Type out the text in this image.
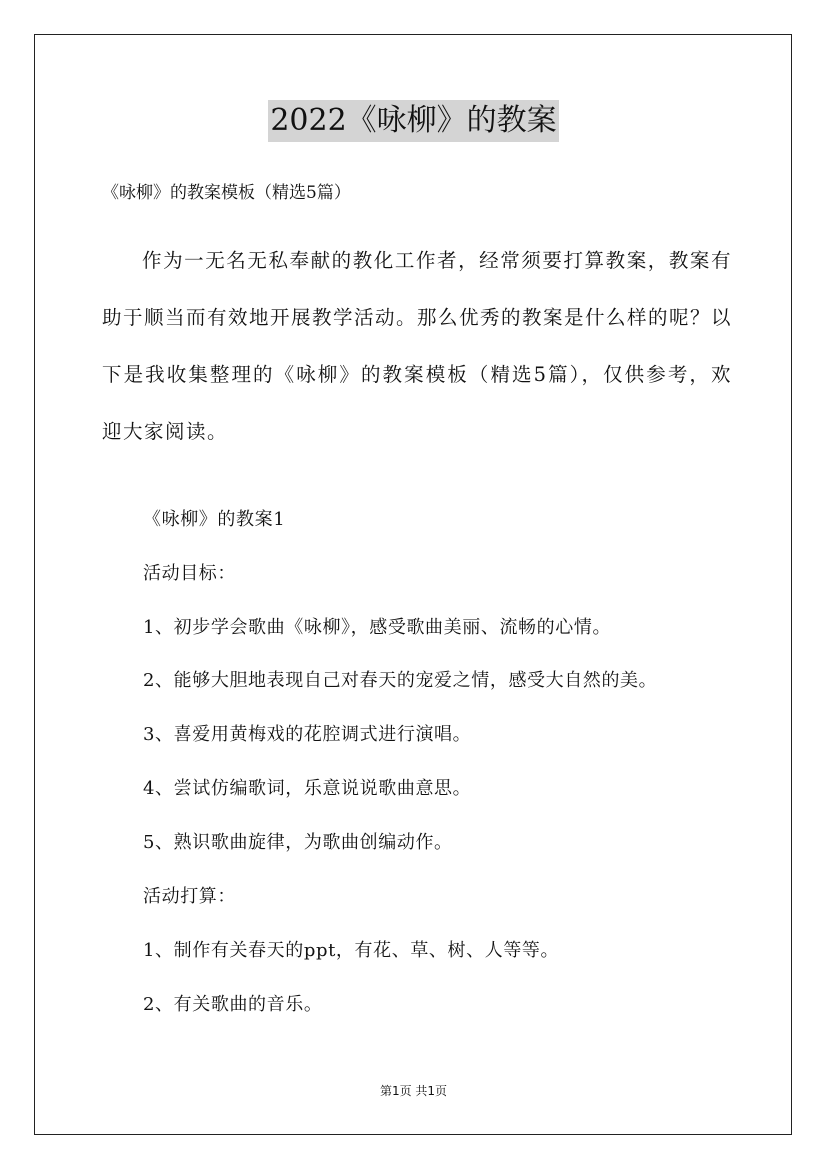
2022《咏柳》的教案
《咏柳》的教案模板（精选5篇）

作为一无名无私奉献的教化工作者，经常须要打算教案，教案有助于顺当而有效地开展教学活动。那么优秀的教案是什么样的呢？以下是我收集整理的《咏柳》的教案模板（精选5篇），仅供参考，欢迎大家阅读。

《咏柳》的教案1
活动目标：
1、初步学会歌曲《咏柳》，感受歌曲美丽、流畅的心情。
2、能够大胆地表现自己对春天的宠爱之情，感受大自然的美。
3、喜爱用黄梅戏的花腔调式进行演唱。
4、尝试仿编歌词，乐意说说歌曲意思。
5、熟识歌曲旋律，为歌曲创编动作。
活动打算：
1、制作有关春天的ppt，有花、草、树、人等等。
2、有关歌曲的音乐。
第1页 共1页
